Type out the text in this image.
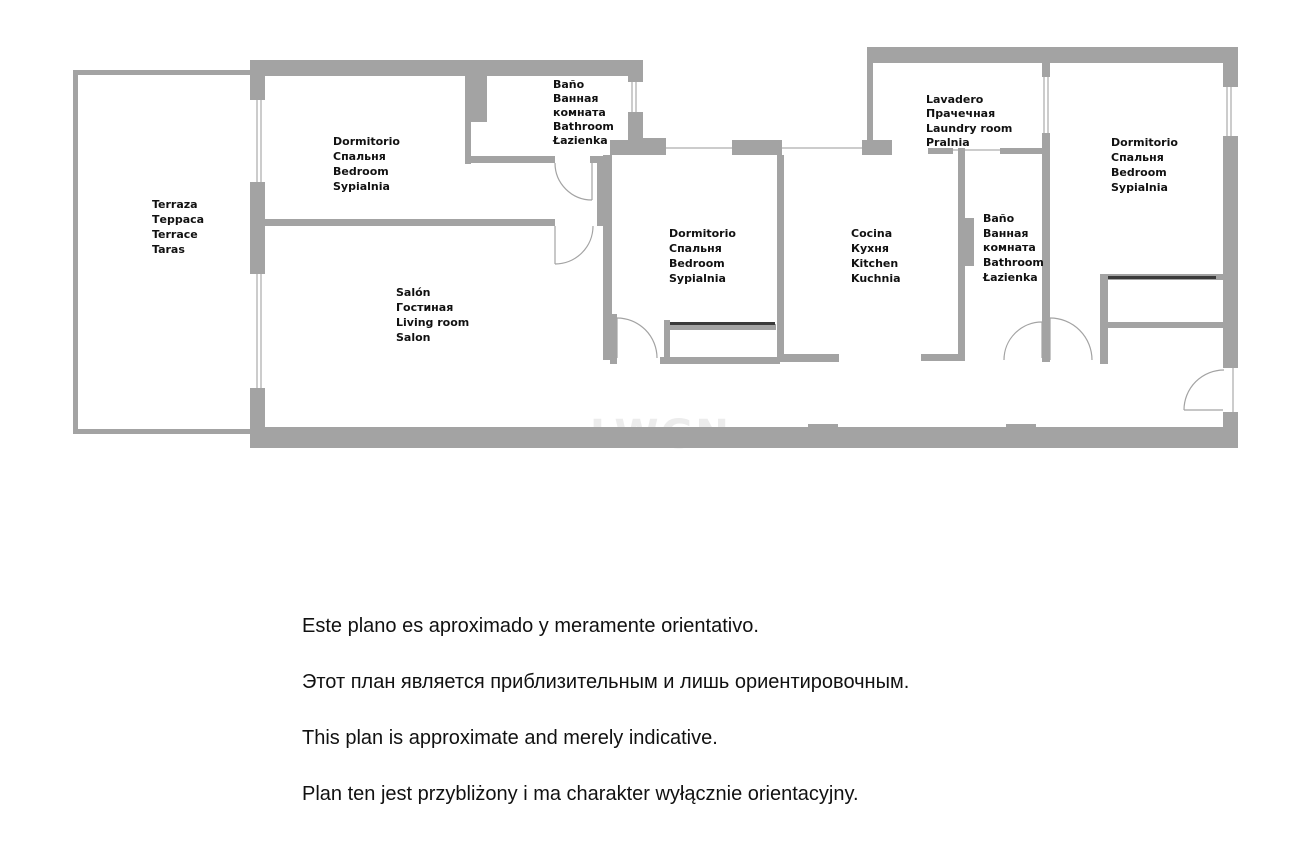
Terraza Терраса Terrace Taras
Dormitorio Спальня Bedroom Sypialnia
Baño Ванная комната Bathroom Łazienka
Salón Гостиная Living room Salon
Dormitorio Спальня Bedroom Sypialnia
Cocina Кухня Kitchen Kuchnia
Lavadero Прачечная Laundry room Pralnia
Baño Ванная комната Bathroom Łazienka
Dormitorio Спальня Bedroom Sypialnia

Este plano es aproximado y meramente orientativo.

Этот план является приблизительным и лишь ориентировочным.

This plan is approximate and merely indicative.

Plan ten jest przybliżony i ma charakter wyłącznie orientacyjny.
